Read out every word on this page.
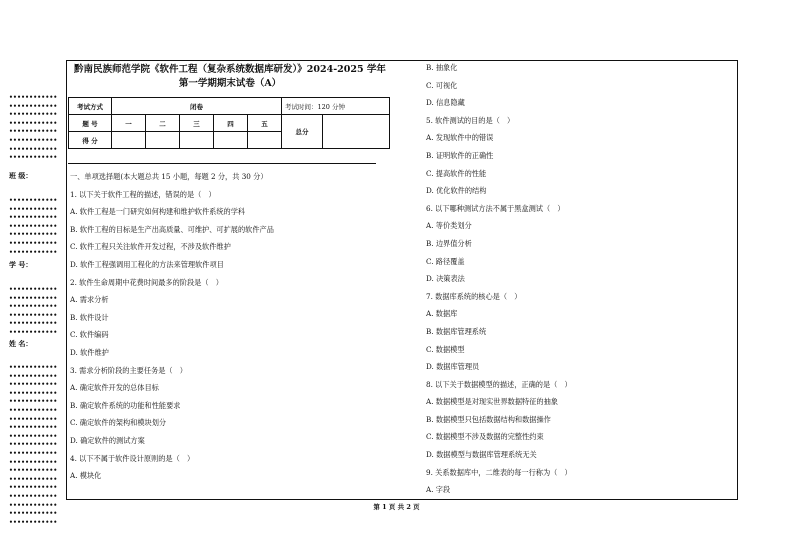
黔南民族师范学院《软件工程（复杂系统数据库研发）》2024-2025 学年第一学期期末试卷（A）
考试方式	闭卷					考试时间：120 分钟	
题 号	一	二	三	四	五	总分	
得 分							
一、单项选择题(本大题总共 15 小题，每题 2 分，共 30 分）
1. 以下关于软件工程的描述，错误的是（　）
A. 软件工程是一门研究如何构建和维护软件系统的学科
B. 软件工程的目标是生产出高质量、可维护、可扩展的软件产品
C. 软件工程只关注软件开发过程，不涉及软件维护
D. 软件工程强调用工程化的方法来管理软件项目
2. 软件生命周期中花费时间最多的阶段是（　）
A. 需求分析
B. 软件设计
C. 软件编码
D. 软件维护
3. 需求分析阶段的主要任务是（　）
A. 确定软件开发的总体目标
B. 确定软件系统的功能和性能要求
C. 确定软件的架构和模块划分
D. 确定软件的测试方案
4. 以下不属于软件设计原则的是（　）
A. 模块化
B. 抽象化
C. 可视化
D. 信息隐藏
5. 软件测试的目的是（　）
A. 发现软件中的错误
B. 证明软件的正确性
C. 提高软件的性能
D. 优化软件的结构
6. 以下哪种测试方法不属于黑盒测试（　）
A. 等价类划分
B. 边界值分析
C. 路径覆盖
D. 决策表法
7. 数据库系统的核心是（　）
A. 数据库
B. 数据库管理系统
C. 数据模型
D. 数据库管理员
8. 以下关于数据模型的描述，正确的是（　）
A. 数据模型是对现实世界数据特征的抽象
B. 数据模型只包括数据结构和数据操作
C. 数据模型不涉及数据的完整性约束
D. 数据模型与数据库管理系统无关
9. 关系数据库中，二维表的每一行称为（　）
A. 字段
••••••••••••
••••••••••••
••••••••••••
••••••••••••
••••••••••••
••••••••••••
••••••••••••
••••••••••••
班 级：
••••••••••••
••••••••••••
••••••••••••
••••••••••••
••••••••••••
••••••••••••
••••••••••••
学 号：
••••••••••••
••••••••••••
••••••••••••
••••••••••••
••••••••••••
••••••••••••
姓 名：
••••••••••••
••••••••••••
••••••••••••
••••••••••••
••••••••••••
••••••••••••
••••••••••••
••••••••••••
••••••••••••
••••••••••••
••••••••••••
••••••••••••
••••••••••••
••••••••••••
••••••••••••
••••••••••••
••••••••••••
••••••••••••
••••••••••••
第 1 页 共 2 页
